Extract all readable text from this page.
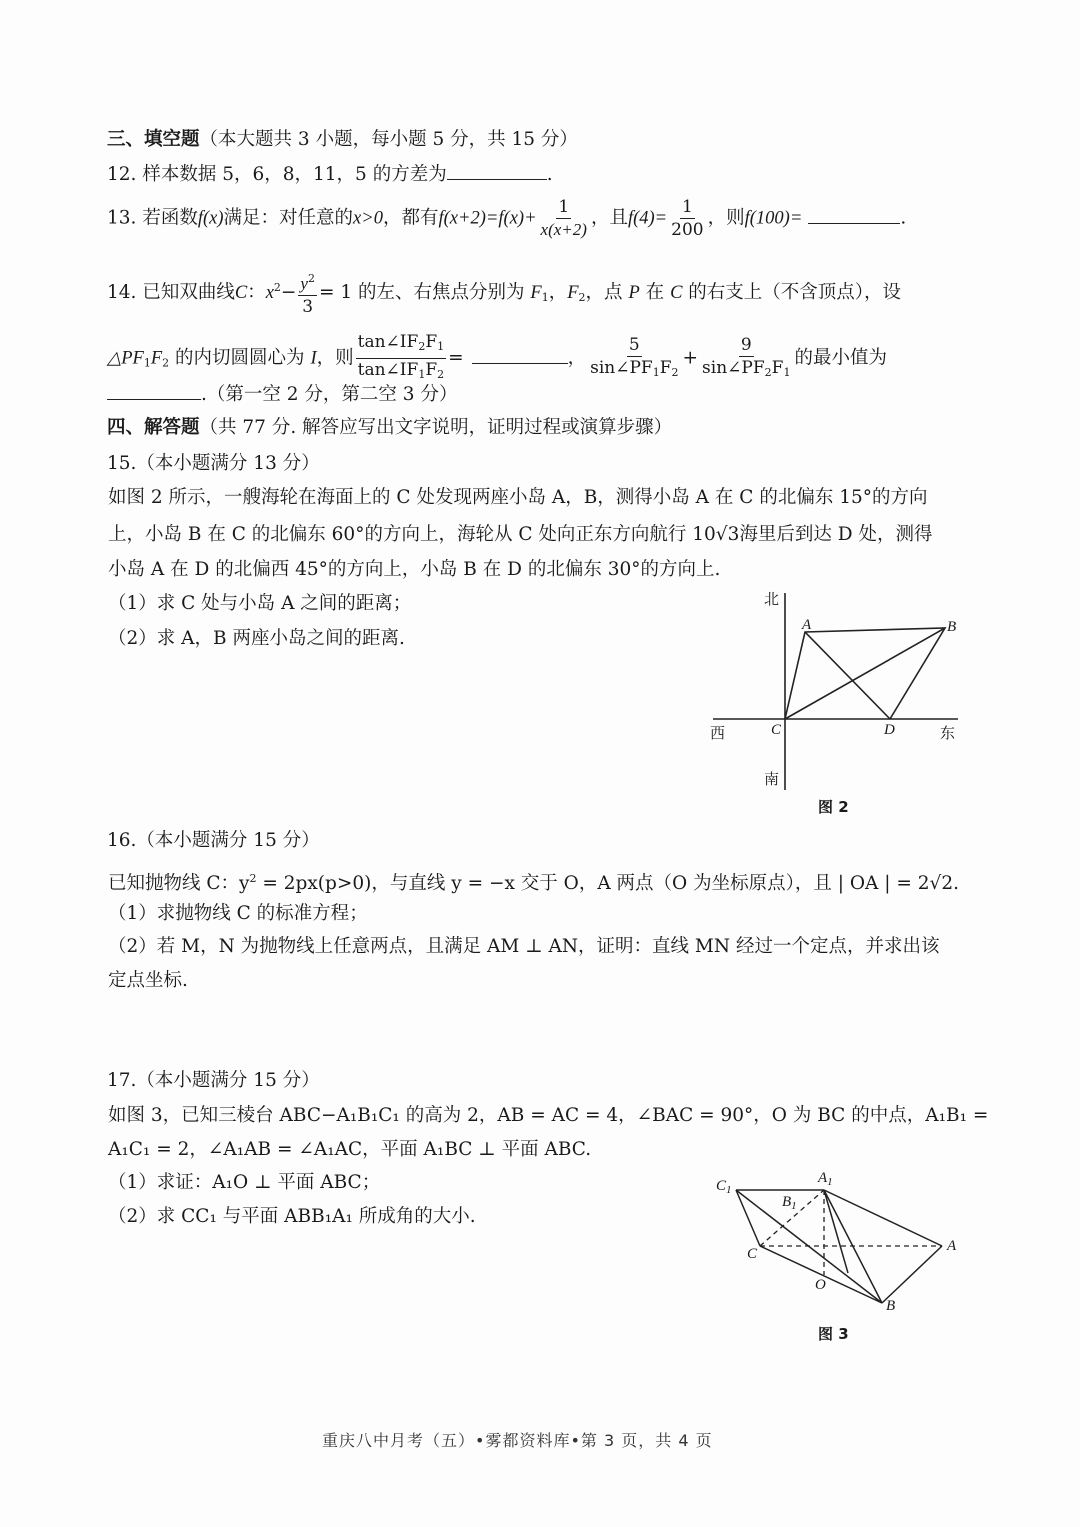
三、填空题（本大题共 3 小题，每小题 5 分，共 15 分）
12. 样本数据 5，6，8，11，5 的方差为	.
13. 若函数f(x)满足：对任意的x>0，都有$f(x+2)=f(x)+ \frac{1}{x(x+2)}$ ，且$f(4)= \frac{1}{200}$ ，则f(100)=	.
14. 已知双曲线C：$x^2- \frac{y^2}{3} = 1$ 的左、右焦点分别为 $F_1$，$F_2$，点 P 在 C 的右支上（不含顶点），设
$\triangle PF_1F_2$ 的内切圆圆心为 I，则 $\frac{\tan\angle IF_2F_1}{\tan\angle IF_1F_2}$ =	， $\frac{5}{\sin\angle PF_1F_2} + \frac{9}{\sin\angle PF_2F_1}$ 的最小值为
.（第一空 2 分，第二空 3 分）
四、解答题（共 77 分. 解答应写出文字说明，证明过程或演算步骤）
15.（本小题满分 13 分）
如图 2 所示，一艘海轮在海面上的 C 处发现两座小岛 A，B，测得小岛 A 在 C 的北偏东 15°的方向
上，小岛 B 在 C 的北偏东 60°的方向上，海轮从 C 处向正东方向航行 10√3海里后到达 D 处，测得
小岛 A 在 D 的北偏西 45°的方向上，小岛 B 在 D 的北偏东 30°的方向上.
（1）求 C 处与小岛 A 之间的距离；
（2）求 A，B 两座小岛之间的距离.
北
南
西	东
A	B
C	D
图 2
16.（本小题满分 15 分）
已知抛物线 C：$y^2 = 2px(p>0)$，与直线 y = −x 交于 O，A 两点（O 为坐标原点），且 | OA | = 2√2.
（1）求抛物线 C 的标准方程；
（2）若 M，N 为抛物线上任意两点，且满足 AM ⊥ AN，证明：直线 MN 经过一个定点，并求出该
定点坐标.
17.（本小题满分 15 分）
如图 3，已知三棱台 ABC−A₁B₁C₁ 的高为 2，AB = AC = 4，∠BAC = 90°，O 为 BC 的中点，A₁B₁ =
A₁C₁ = 2，∠A₁AB = ∠A₁AC，平面 A₁BC ⊥ 平面 ABC.
（1）求证：A₁O ⊥ 平面 ABC；
（2）求 CC₁ 与平面 ABB₁A₁ 所成角的大小.
$C_1$
$A_1$
$B_1$
C	A
O
B
图 3
重庆八中月考（五）•雾都资料库•第 3 页，共 4 页
